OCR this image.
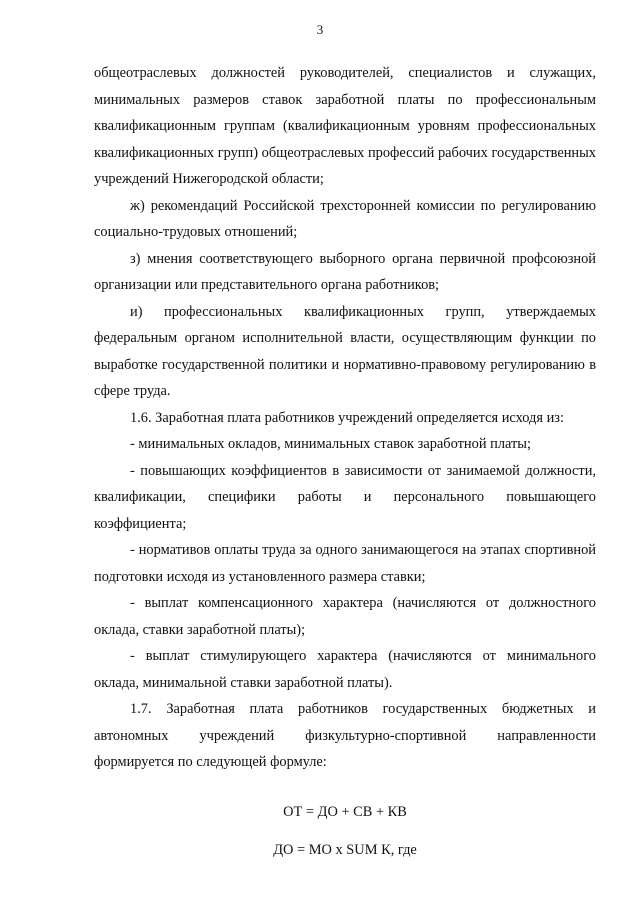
3

общеотраслевых должностей руководителей, специалистов и служащих, минимальных размеров ставок заработной платы по профессиональным квалификационным группам (квалификационным уровням профессиональных квалификационных групп) общеотраслевых профессий рабочих государственных учреждений Нижегородской области;

ж) рекомендаций Российской трехсторонней комиссии по регулированию социально-трудовых отношений;

з) мнения соответствующего выборного органа первичной профсоюзной организации или представительного органа работников;

и) профессиональных квалификационных групп, утверждаемых федеральным органом исполнительной власти, осуществляющим функции по выработке государственной политики и нормативно-правовому регулированию в сфере труда.

1.6. Заработная плата работников учреждений определяется исходя из:

- минимальных окладов, минимальных ставок заработной платы;

- повышающих коэффициентов в зависимости от занимаемой должности, квалификации, специфики работы и персонального повышающего коэффициента;

- нормативов оплаты труда за одного занимающегося на этапах спортивной подготовки исходя из установленного размера ставки;

- выплат компенсационного характера (начисляются от должностного оклада, ставки заработной платы);

- выплат стимулирующего характера (начисляются от минимального оклада, минимальной ставки заработной платы).

1.7. Заработная плата работников государственных бюджетных и автономных учреждений физкультурно-спортивной направленности формируется по следующей формуле:

ОТ = ДО + СВ + КВ

ДО = МО х SUM К, где
